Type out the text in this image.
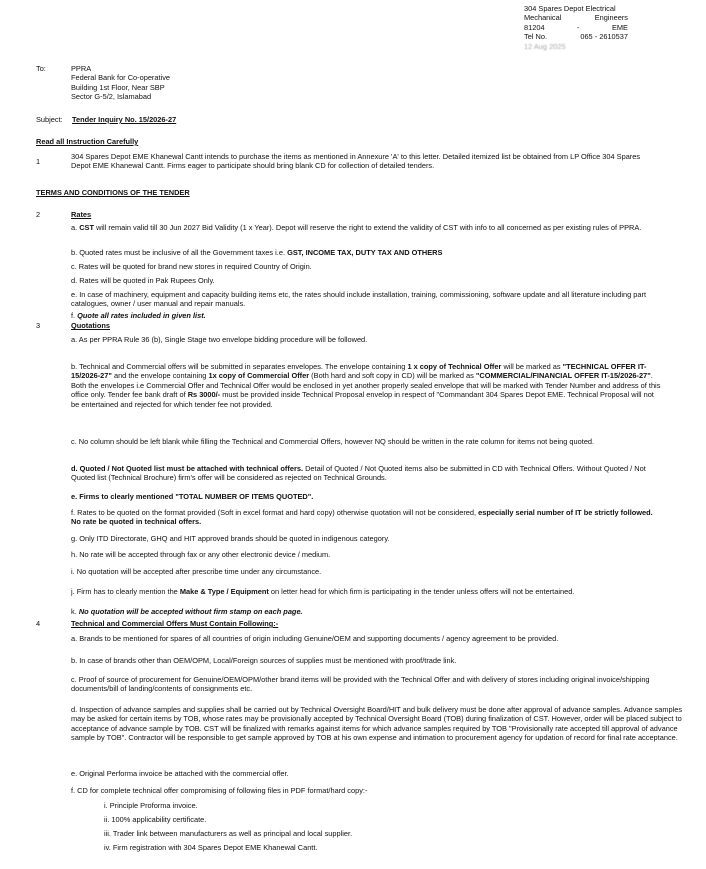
304 Spares Depot Electrical
Mechanical	Engineers
81204	-	EME
Tel No.	065 - 2610537
12 Aug 2025
To:	PPRA
Federal Bank for Co-operative
Building 1st Floor, Near SBP
Sector G-5/2, Islamabad
Subject: Tender Inquiry No. 15/2026-27
Read all Instruction Carefully
1
304 Spares Depot EME Khanewal Cantt intends to purchase the items as mentioned in Annexure 'A' to this letter. Detailed itemized list be obtained from LP Office 304 Spares Depot EME Khanewal Cantt. Firms eager to participate should bring blank CD for collection of detailed tenders.
TERMS AND CONDITIONS OF THE TENDER
2	Rates
a. CST will remain valid till 30 Jun 2027 Bid Validity (1 x Year). Depot will reserve the right to extend the validity of CST with info to all concerned as per existing rules of PPRA.
b. Quoted rates must be inclusive of all the Government taxes i.e. GST, INCOME TAX, DUTY TAX AND OTHERS
c. Rates will be quoted for brand new stores in required Country of Origin.
d. Rates will be quoted in Pak Rupees Only.
e. In case of machinery, equipment and capacity building items etc, the rates should include installation, training, commissioning, software update and all literature including part catalogues, owner / user manual and repair manuals.
f. Quote all rates included in given list.
3	Quotations
a. As per PPRA Rule 36 (b), Single Stage two envelope bidding procedure will be followed.
b. Technical and Commercial offers will be submitted in separates envelopes. The envelope containing 1 x copy of Technical Offer will be marked as "TECHNICAL OFFER IT- 15/2026-27" and the envelope containing 1x copy of Commercial Offer (Both hard and soft copy in CD) will be marked as "COMMERCIAL/FINANCIAL OFFER IT-15/2026-27". Both the envelopes i.e Commercial Offer and Technical Offer would be enclosed in yet another properly sealed envelope that will be marked with Tender Number and address of this office only. Tender fee bank draft of Rs 3000/- must be provided inside Technical Proposal envelop in respect of "Commandant 304 Spares Depot EME. Technical Proposal will not be entertained and rejected for which tender fee not provided.
c. No column should be left blank while filling the Technical and Commercial Offers, however NQ should be written in the rate column for items not being quoted.
d. Quoted / Not Quoted list must be attached with technical offers. Detail of Quoted / Not Quoted items also be submitted in CD with Technical Offers. Without Quoted / Not Quoted list (Technical Brochure) firm's offer will be considered as rejected on Technical Grounds.
e. Firms to clearly mentioned "TOTAL NUMBER OF ITEMS QUOTED".
f. Rates to be quoted on the format provided (Soft in excel format and hard copy) otherwise quotation will not be considered, especially serial number of IT be strictly followed. No rate be quoted in technical offers.
g. Only ITD Directorate, GHQ and HIT approved brands should be quoted in indigenous category.
h. No rate will be accepted through fax or any other electronic device / medium.
i. No quotation will be accepted after prescribe time under any circumstance.
j. Firm has to clearly mention the Make & Type / Equipment on letter head for which firm is participating in the tender unless offers will not be entertained.
k. No quotation will be accepted without firm stamp on each page.
4	Technical and Commercial Offers Must Contain Following:-
a. Brands to be mentioned for spares of all countries of origin including Genuine/OEM and supporting documents / agency agreement to be provided.
b. In case of brands other than OEM/OPM, Local/Foreign sources of supplies must be mentioned with proof/trade link.
c. Proof of source of procurement for Genuine/OEM/OPM/other brand items will be provided with the Technical Offer and with delivery of stores including original invoice/shipping documents/bill of landing/contents of consignments etc.
d. Inspection of advance samples and supplies shall be carried out by Technical Oversight Board/HIT and bulk delivery must be done after approval of advance samples. Advance samples may be asked for certain items by TOB, whose rates may be provisionally accepted by Technical Oversight Board (TOB) during finalization of CST. However, order will be placed subject to acceptance of advance sample by TOB. CST will be finalized with remarks against items for which advance samples required by TOB "Provisionally rate accepted till approval of advance sample by TOB". Contractor will be responsible to get sample approved by TOB at his own expense and intimation to procurement agency for updation of record for final rate acceptance.
e. Original Performa invoice be attached with the commercial offer.
f. CD for complete technical offer compromising of following files in PDF format/hard copy:-
i. Principle Proforma invoice.
ii. 100% applicability certificate.
iii. Trader link between manufacturers as well as principal and local supplier.
iv. Firm registration with 304 Spares Depot EME Khanewal Cantt.
